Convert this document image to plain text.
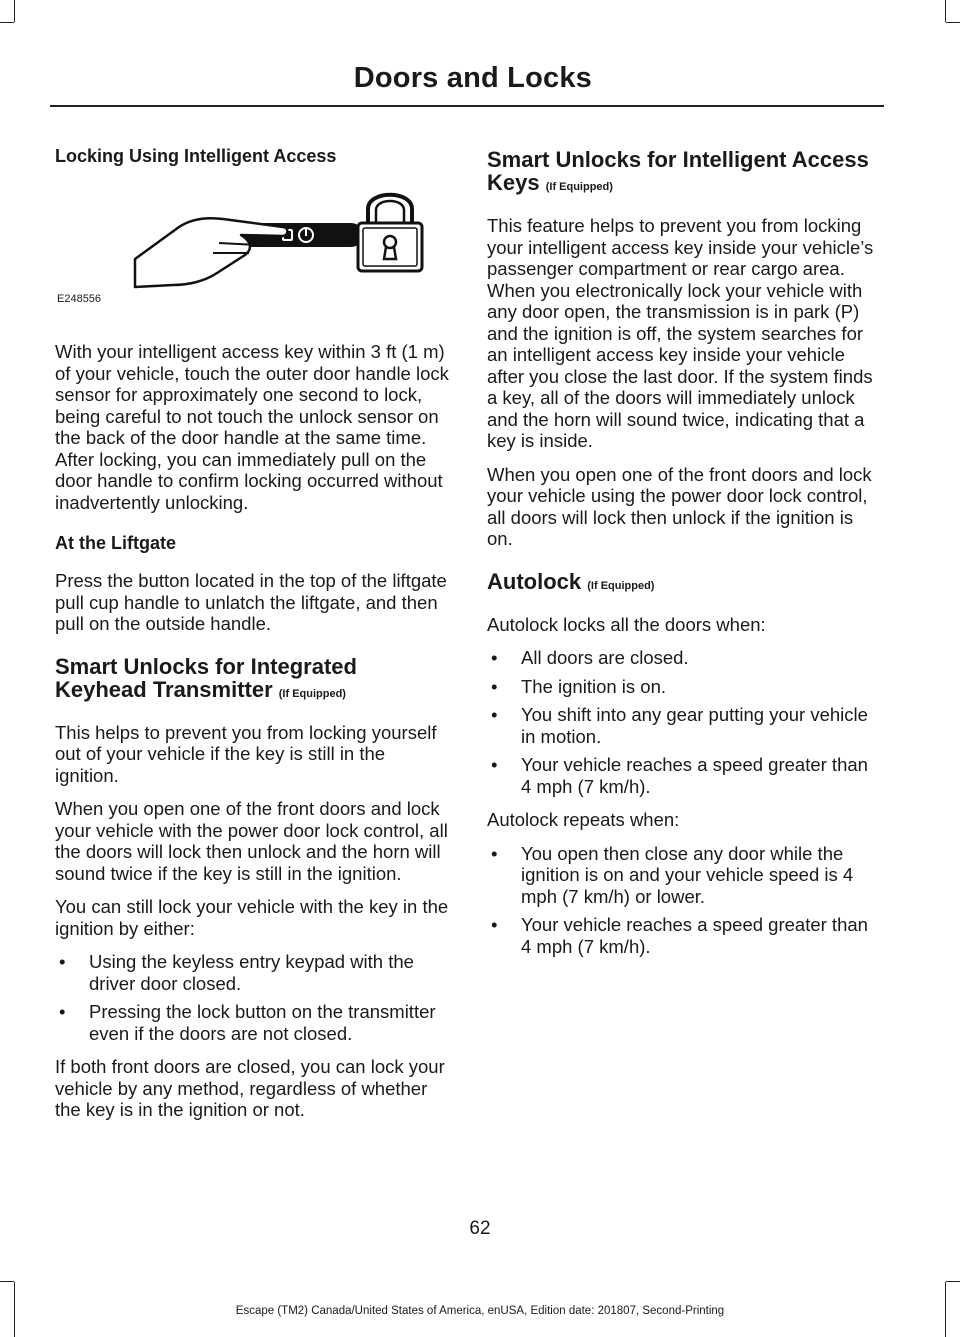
Doors and Locks
Locking Using Intelligent Access
E248556

With your intelligent access key within 3 ft (1 m) of your vehicle, touch the outer door handle lock sensor for approximately one second to lock, being careful to not touch the unlock sensor on the back of the door handle at the same time. After locking, you can immediately pull on the door handle to confirm locking occurred without inadvertently unlocking.

At the Liftgate

Press the button located in the top of the liftgate pull cup handle to unlatch the liftgate, and then pull on the outside handle.

Smart Unlocks for Integrated Keyhead Transmitter (If Equipped)

This helps to prevent you from locking yourself out of your vehicle if the key is still in the ignition.

When you open one of the front doors and lock your vehicle with the power door lock control, all the doors will lock then unlock and the horn will sound twice if the key is still in the ignition.

You can still lock your vehicle with the key in the ignition by either:

• Using the keyless entry keypad with the driver door closed.
• Pressing the lock button on the transmitter even if the doors are not closed.

If both front doors are closed, you can lock your vehicle by any method, regardless of whether the key is in the ignition or not.

Smart Unlocks for Intelligent Access Keys (If Equipped)

This feature helps to prevent you from locking your intelligent access key inside your vehicle’s passenger compartment or rear cargo area. When you electronically lock your vehicle with any door open, the transmission is in park (P) and the ignition is off, the system searches for an intelligent access key inside your vehicle after you close the last door. If the system finds a key, all of the doors will immediately unlock and the horn will sound twice, indicating that a key is inside.

When you open one of the front doors and lock your vehicle using the power door lock control, all doors will lock then unlock if the ignition is on.

Autolock (If Equipped)

Autolock locks all the doors when:

• All doors are closed.
• The ignition is on.
• You shift into any gear putting your vehicle in motion.
• Your vehicle reaches a speed greater than 4 mph (7 km/h).

Autolock repeats when:

• You open then close any door while the ignition is on and your vehicle speed is 4 mph (7 km/h) or lower.
• Your vehicle reaches a speed greater than 4 mph (7 km/h).
62
Escape (TM2) Canada/United States of America, enUSA, Edition date: 201807, Second-Printing
